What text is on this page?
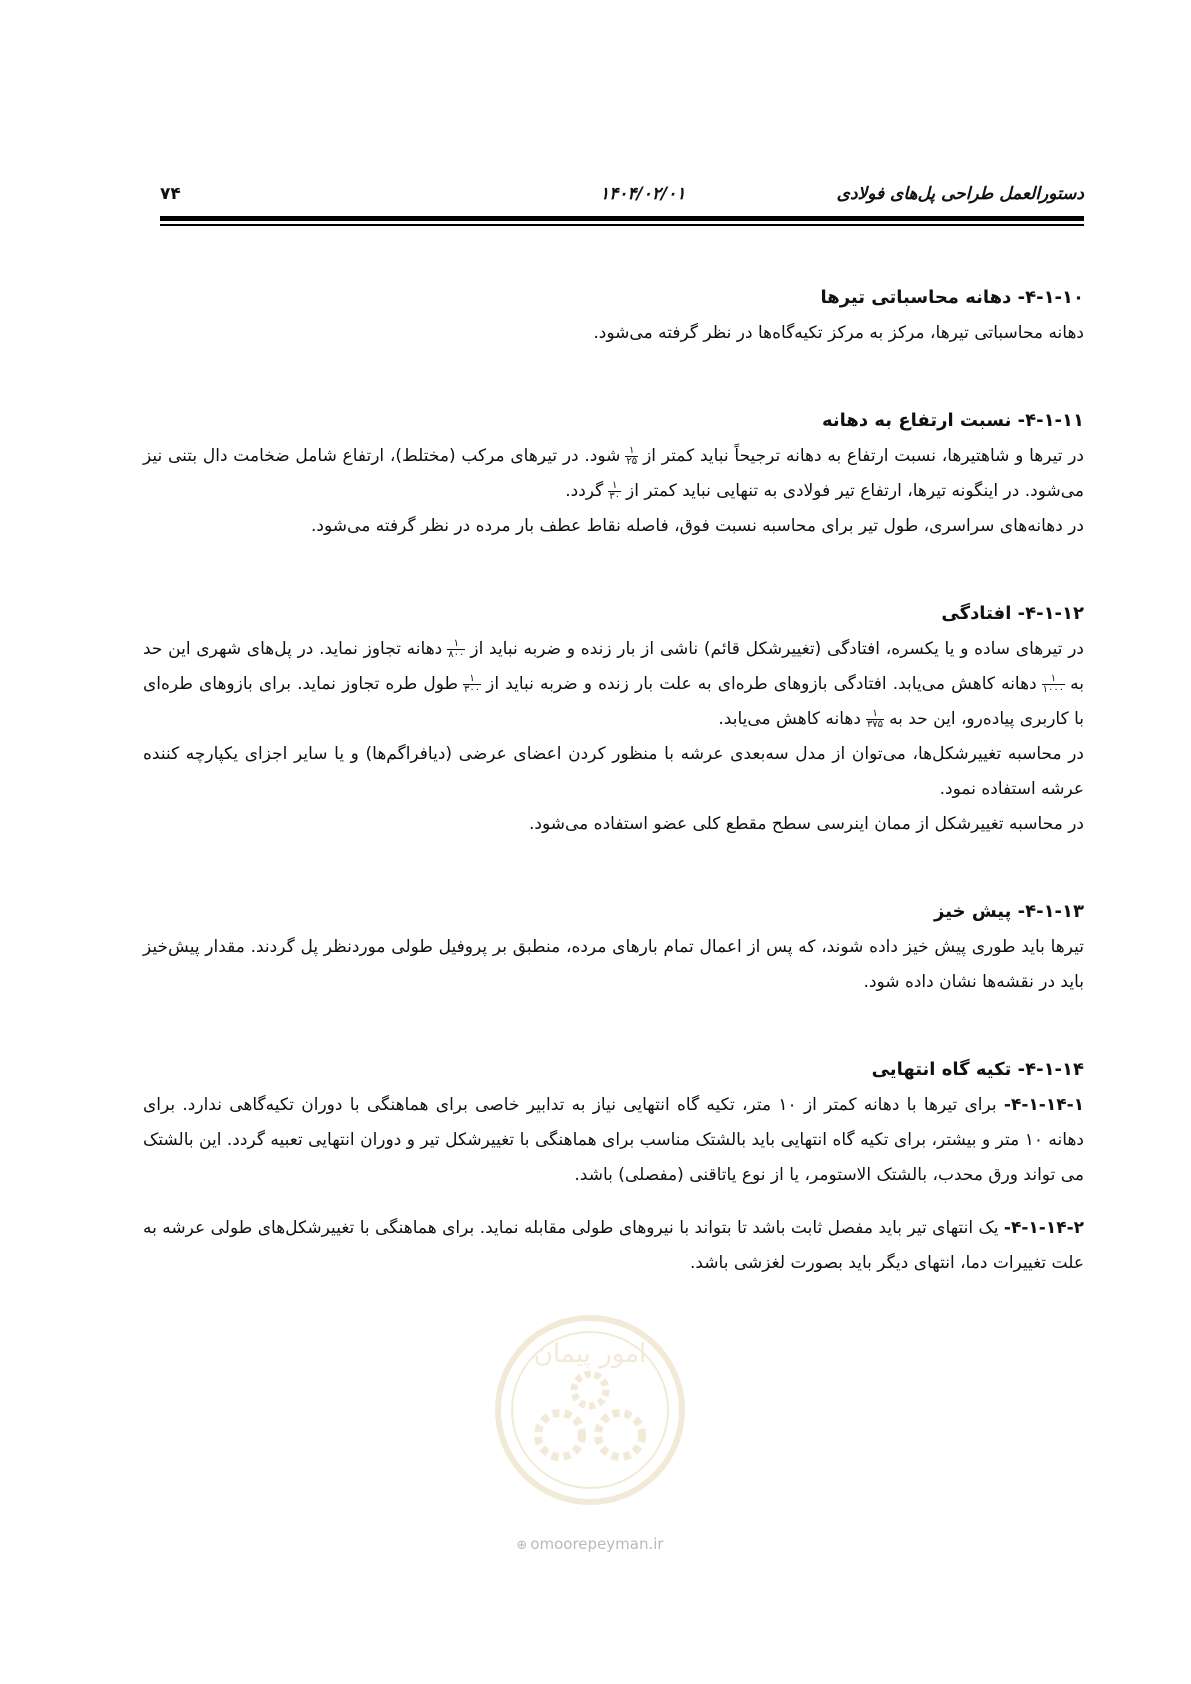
دستورالعمل طراحی پل‌های فولادی
۱۴۰۴/۰۲/۰۱
۷۴
۴-۱-۱۰- دهانه محاسباتی تیرها

دهانه محاسباتی تیرها، مرکز به مرکز تکیه‌گاه‌ها در نظر گرفته می‌شود.

۴-۱-۱۱- نسبت ارتفاع به دهانه

در تیرها و شاهتیرها، نسبت ارتفاع به دهانه ترجیحاً نباید کمتر از
$\frac{۱}{۲۵}$
شود. در تیرهای مرکب (مختلط)، ارتفاع شامل ضخامت دال بتنی نیز می‌شود. در اینگونه تیرها، ارتفاع تیر فولادی به تنهایی نباید کمتر از
$\frac{۱}{۳۰}$
گردد.

در دهانه‌های سراسری، طول تیر برای محاسبه نسبت فوق، فاصله نقاط عطف بار مرده در نظر گرفته می‌شود.

۴-۱-۱۲- افتادگی

در تیرهای ساده و یا یکسره، افتادگی (تغییرشکل قائم) ناشی از بار زنده و ضربه نباید از
$\frac{۱}{۸۰۰}$
دهانه تجاوز نماید. در پل‌های شهری این حد به
$\frac{۱}{۱۰۰۰}$
دهانه کاهش می‌یابد. افتادگی بازوهای طره‌ای به علت بار زنده و ضربه نباید از
$\frac{۱}{۳۰۰}$
طول طره تجاوز نماید. برای بازوهای طره‌ای با کاربری پیاده‌رو، این حد به
$\frac{۱}{۳۷۵}$
دهانه کاهش می‌یابد.

در محاسبه تغییرشکل‌ها، می‌توان از مدل سه‌بعدی عرشه با منظور کردن اعضای عرضی (دیافراگم‌ها) و یا سایر اجزای یکپارچه کننده عرشه استفاده نمود.

در محاسبه تغییرشکل از ممان اینرسی سطح مقطع کلی عضو استفاده می‌شود.

۴-۱-۱۳- پیش خیز

تیرها باید طوری پیش خیز داده شوند، که پس از اعمال تمام بارهای مرده، منطبق بر پروفیل طولی موردنظر پل گردند. مقدار پیش‌خیز باید در نقشه‌ها نشان داده شود.

۴-۱-۱۴- تکیه گاه انتهایی

۴-۱-۱۴-۱- برای تیرها با دهانه کمتر از ۱۰ متر، تکیه گاه انتهایی نیاز به تدابیر خاصی برای هماهنگی با دوران تکیه‌گاهی ندارد. برای دهانه ۱۰ متر و بیشتر، برای تکیه گاه انتهایی باید بالشتک مناسب برای هماهنگی با تغییرشکل تیر و دوران انتهایی تعبیه گردد. این بالشتک می تواند ورق محدب، بالشتک الاستومر، یا از نوع یاتاقنی (مفصلی) باشد.

۴-۱-۱۴-۲- یک انتهای تیر باید مفصل ثابت باشد تا بتواند با نیروهای طولی مقابله نماید. برای هماهنگی با تغییرشکل‌های طولی عرشه به علت تغییرات دما، انتهای دیگر باید بصورت لغزشی باشد.

امور پیمان
⊕ omoorepeyman.ir
